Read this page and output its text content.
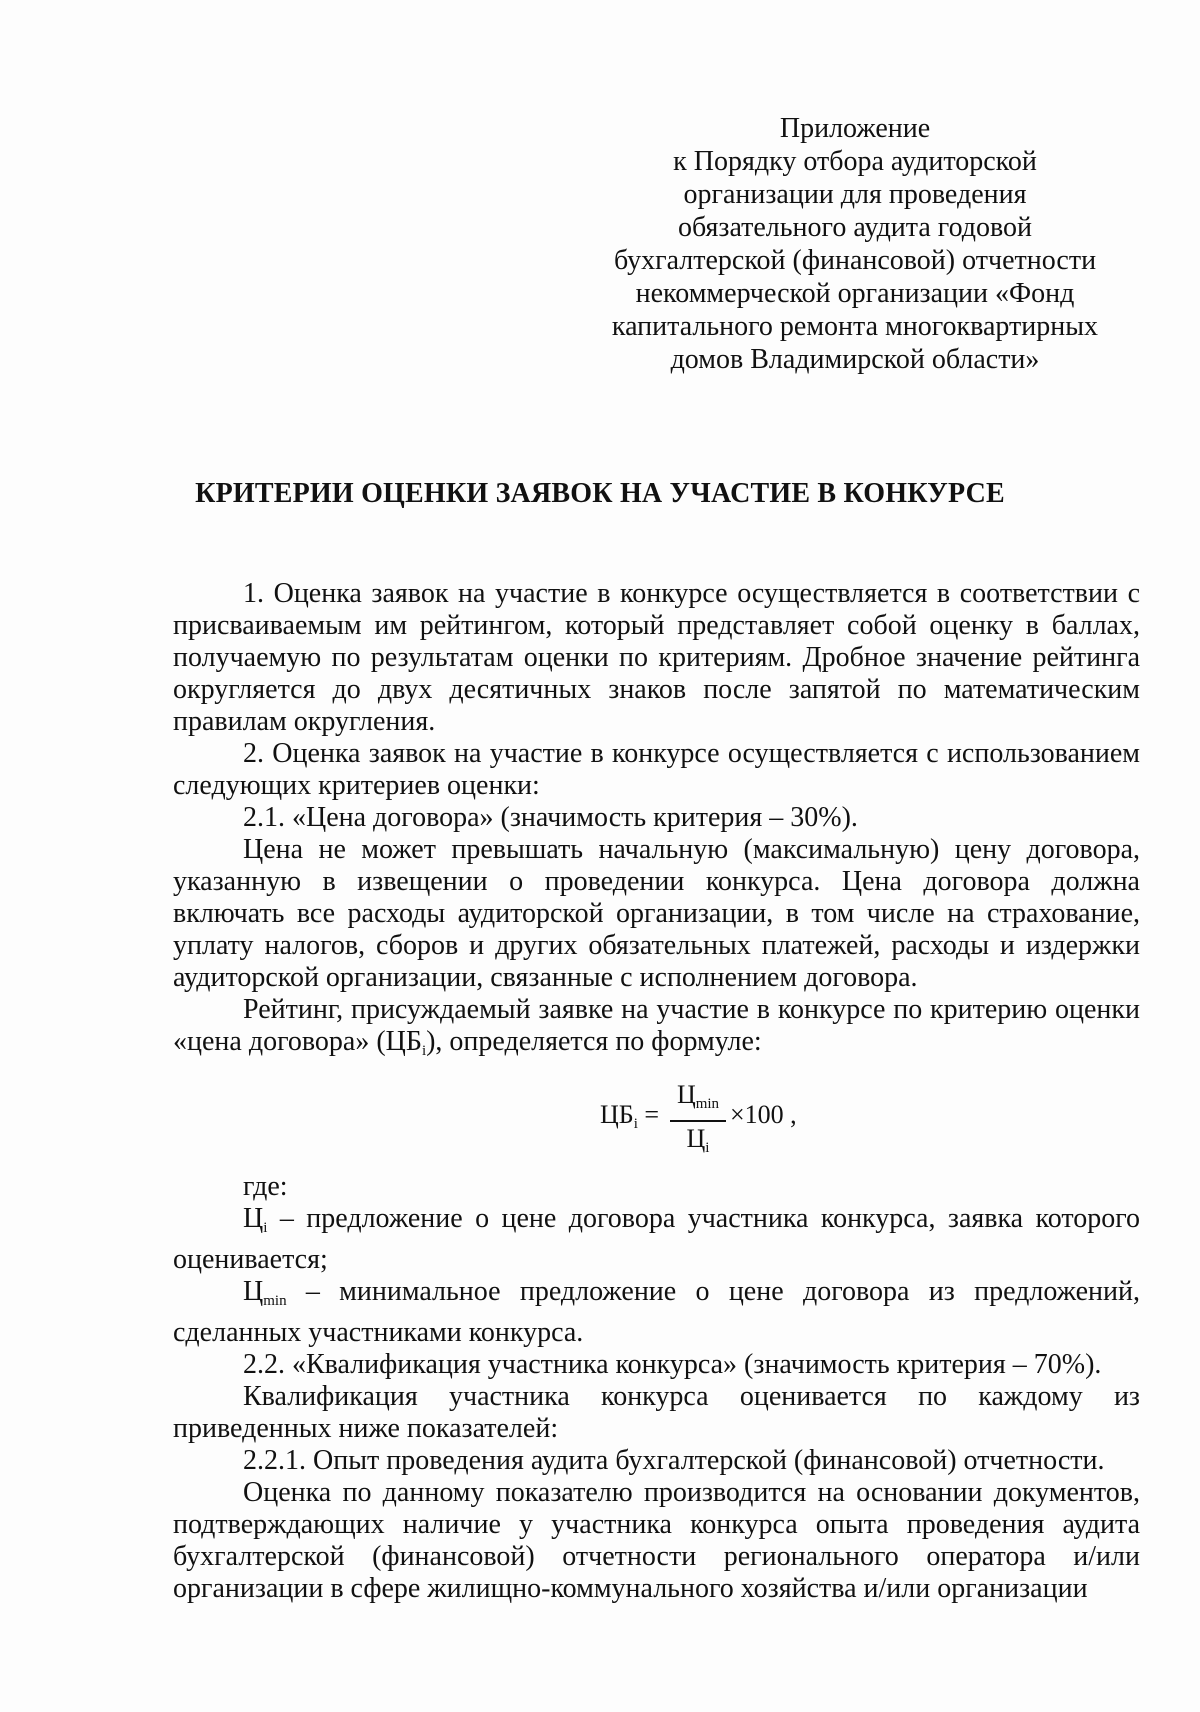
Приложение
к Порядку отбора аудиторской
организации для проведения
обязательного аудита годовой
бухгалтерской (финансовой) отчетности
некоммерческой организации «Фонд
капитального ремонта многоквартирных
домов Владимирской области»
КРИТЕРИИ ОЦЕНКИ ЗАЯВОК НА УЧАСТИЕ В КОНКУРСЕ

1. Оценка заявок на участие в конкурсе осуществляется в соответствии с присваиваемым им рейтингом, который представляет собой оценку в баллах, получаемую по результатам оценки по критериям. Дробное значение рейтинга округляется до двух десятичных знаков после запятой по математическим правилам округления.

2. Оценка заявок на участие в конкурсе осуществляется с использованием следующих критериев оценки:

2.1. «Цена договора» (значимость критерия – 30%).

Цена не может превышать начальную (максимальную) цену договора, указанную в извещении о проведении конкурса. Цена договора должна включать все расходы аудиторской организации, в том числе на страхование, уплату налогов, сборов и других обязательных платежей, расходы и издержки аудиторской организации, связанные с исполнением договора.

Рейтинг, присуждаемый заявке на участие в конкурсе по критерию оценки «цена договора» $(ЦБ_i)$, определяется по формуле:

где:

$Ц_i$ – предложение о цене договора участника конкурса, заявка которого оценивается;

$Ц_{min}$ – минимальное предложение о цене договора из предложений, сделанных участниками конкурса.

2.2. «Квалификация участника конкурса» (значимость критерия – 70%).

Квалификация участника конкурса оценивается по каждому из приведенных ниже показателей:

2.2.1. Опыт проведения аудита бухгалтерской (финансовой) отчетности.

Оценка по данному показателю производится на основании документов, подтверждающих наличие у участника конкурса опыта проведения аудита бухгалтерской (финансовой) отчетности регионального оператора и/или организации в сфере жилищно-коммунального хозяйства и/или организации

$ЦБ_i$ =
$Ц_{min}$
$Ц_i$
×100 ,
